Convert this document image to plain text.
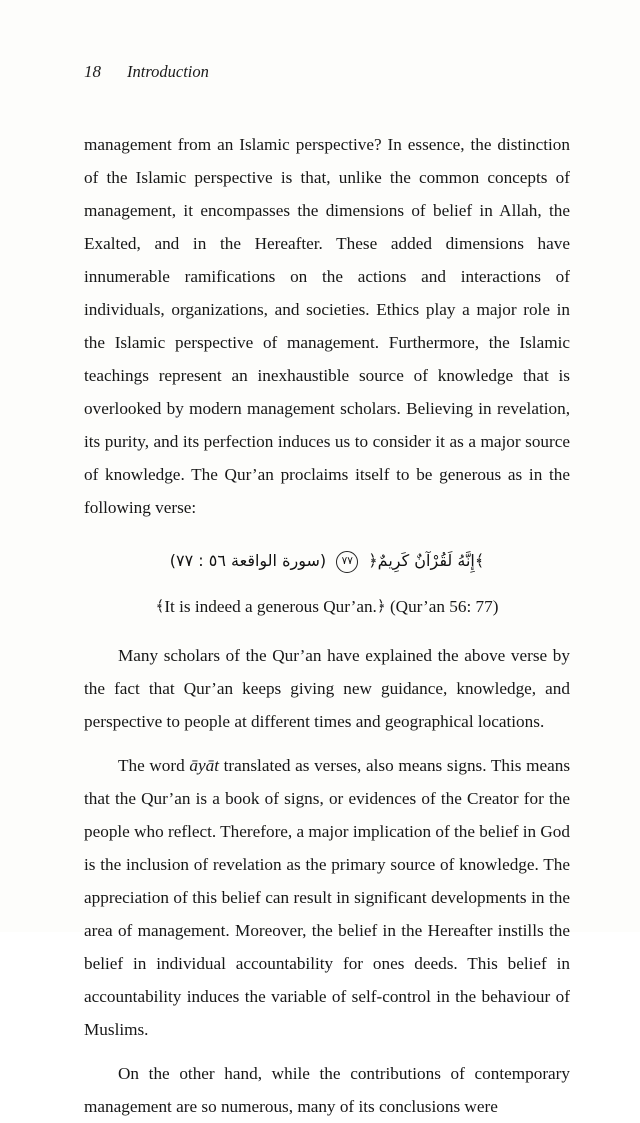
18 Introduction

management from an Islamic perspective? In essence, the distinction of the Islamic perspective is that, unlike the common concepts of management, it encompasses the dimensions of belief in Allah, the Exalted, and in the Hereafter. These added dimensions have innumerable ramifications on the actions and interactions of individuals, organizations, and societies. Ethics play a major role in the Islamic perspective of management. Furthermore, the Islamic teachings represent an inexhaustible source of knowledge that is overlooked by modern management scholars. Believing in revelation, its purity, and its perfection induces us to consider it as a major source of knowledge. The Qur’an proclaims itself to be generous as in the following verse:

﴾إِنَّهُ لَقُرْآنٌ كَرِيمٌ﴿ ٧٧ (سورة الواقعة ٥٦ : ٧٧)

﴾It is indeed a generous Qur’an.﴿ (Qur’an 56: 77)

Many scholars of the Qur’an have explained the above verse by the fact that Qur’an keeps giving new guidance, knowledge, and perspective to people at different times and geographical locations.

The word āyāt translated as verses, also means signs. This means that the Qur’an is a book of signs, or evidences of the Creator for the people who reflect. Therefore, a major implication of the belief in God is the inclusion of revelation as the primary source of knowledge. The appreciation of this belief can result in significant developments in the area of management. Moreover, the belief in the Hereafter instills the belief in individual accountability for ones deeds. This belief in accountability induces the variable of self-control in the behaviour of Muslims.

On the other hand, while the contributions of contemporary management are so numerous, many of its conclusions were
